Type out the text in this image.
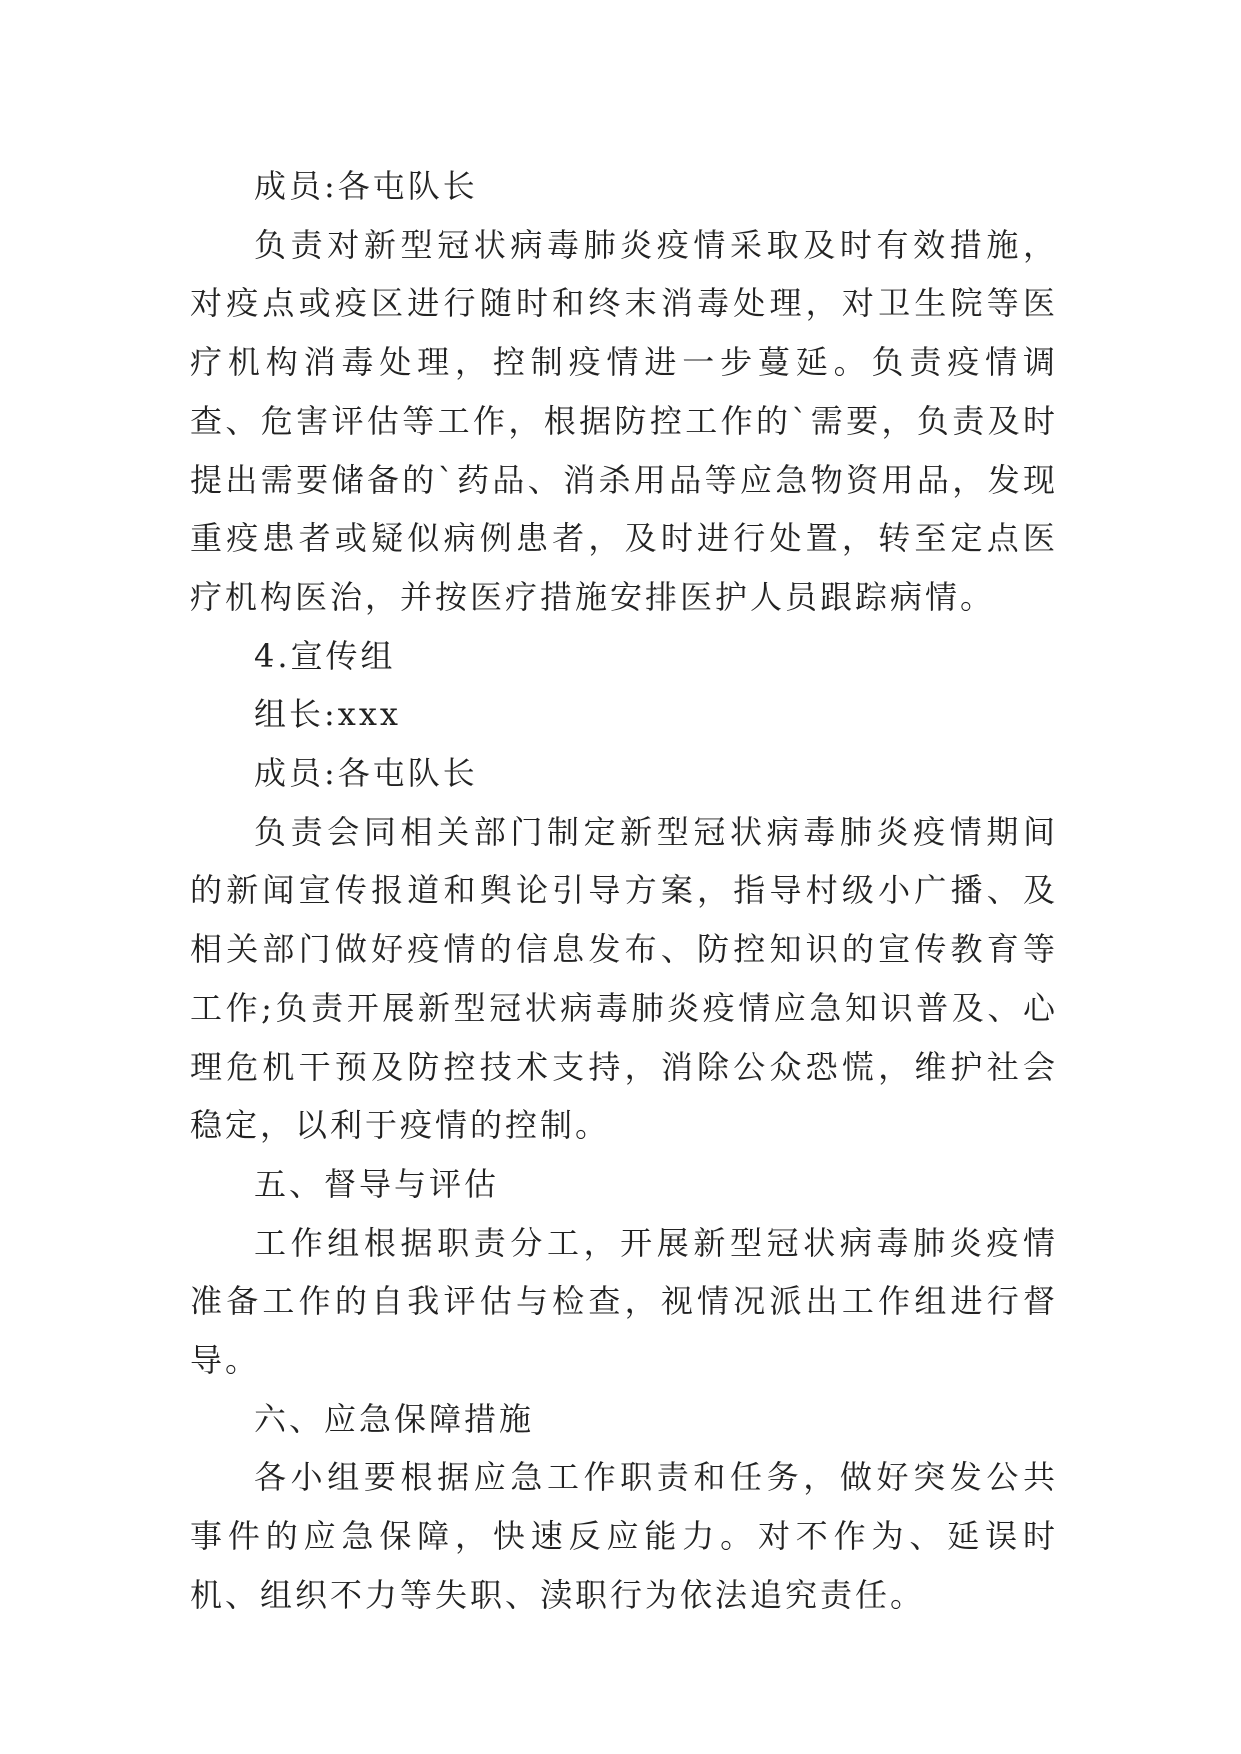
成员:各屯队长

负责对新型冠状病毒肺炎疫情采取及时有效措施，对疫点或疫区进行随时和终末消毒处理，对卫生院等医疗机构消毒处理，控制疫情进一步蔓延。负责疫情调查、危害评估等工作，根据防控工作的`需要，负责及时提出需要储备的`药品、消杀用品等应急物资用品，发现重疫患者或疑似病例患者，及时进行处置，转至定点医疗机构医治，并按医疗措施安排医护人员跟踪病情。

4.宣传组

组长:xxx

成员:各屯队长

负责会同相关部门制定新型冠状病毒肺炎疫情期间的新闻宣传报道和舆论引导方案，指导村级小广播、及相关部门做好疫情的信息发布、防控知识的宣传教育等工作;负责开展新型冠状病毒肺炎疫情应急知识普及、心理危机干预及防控技术支持，消除公众恐慌，维护社会稳定，以利于疫情的控制。

五、督导与评估

工作组根据职责分工，开展新型冠状病毒肺炎疫情准备工作的自我评估与检查，视情况派出工作组进行督导。

六、应急保障措施

各小组要根据应急工作职责和任务，做好突发公共事件的应急保障，快速反应能力。对不作为、延误时机、组织不力等失职、渎职行为依法追究责任。
